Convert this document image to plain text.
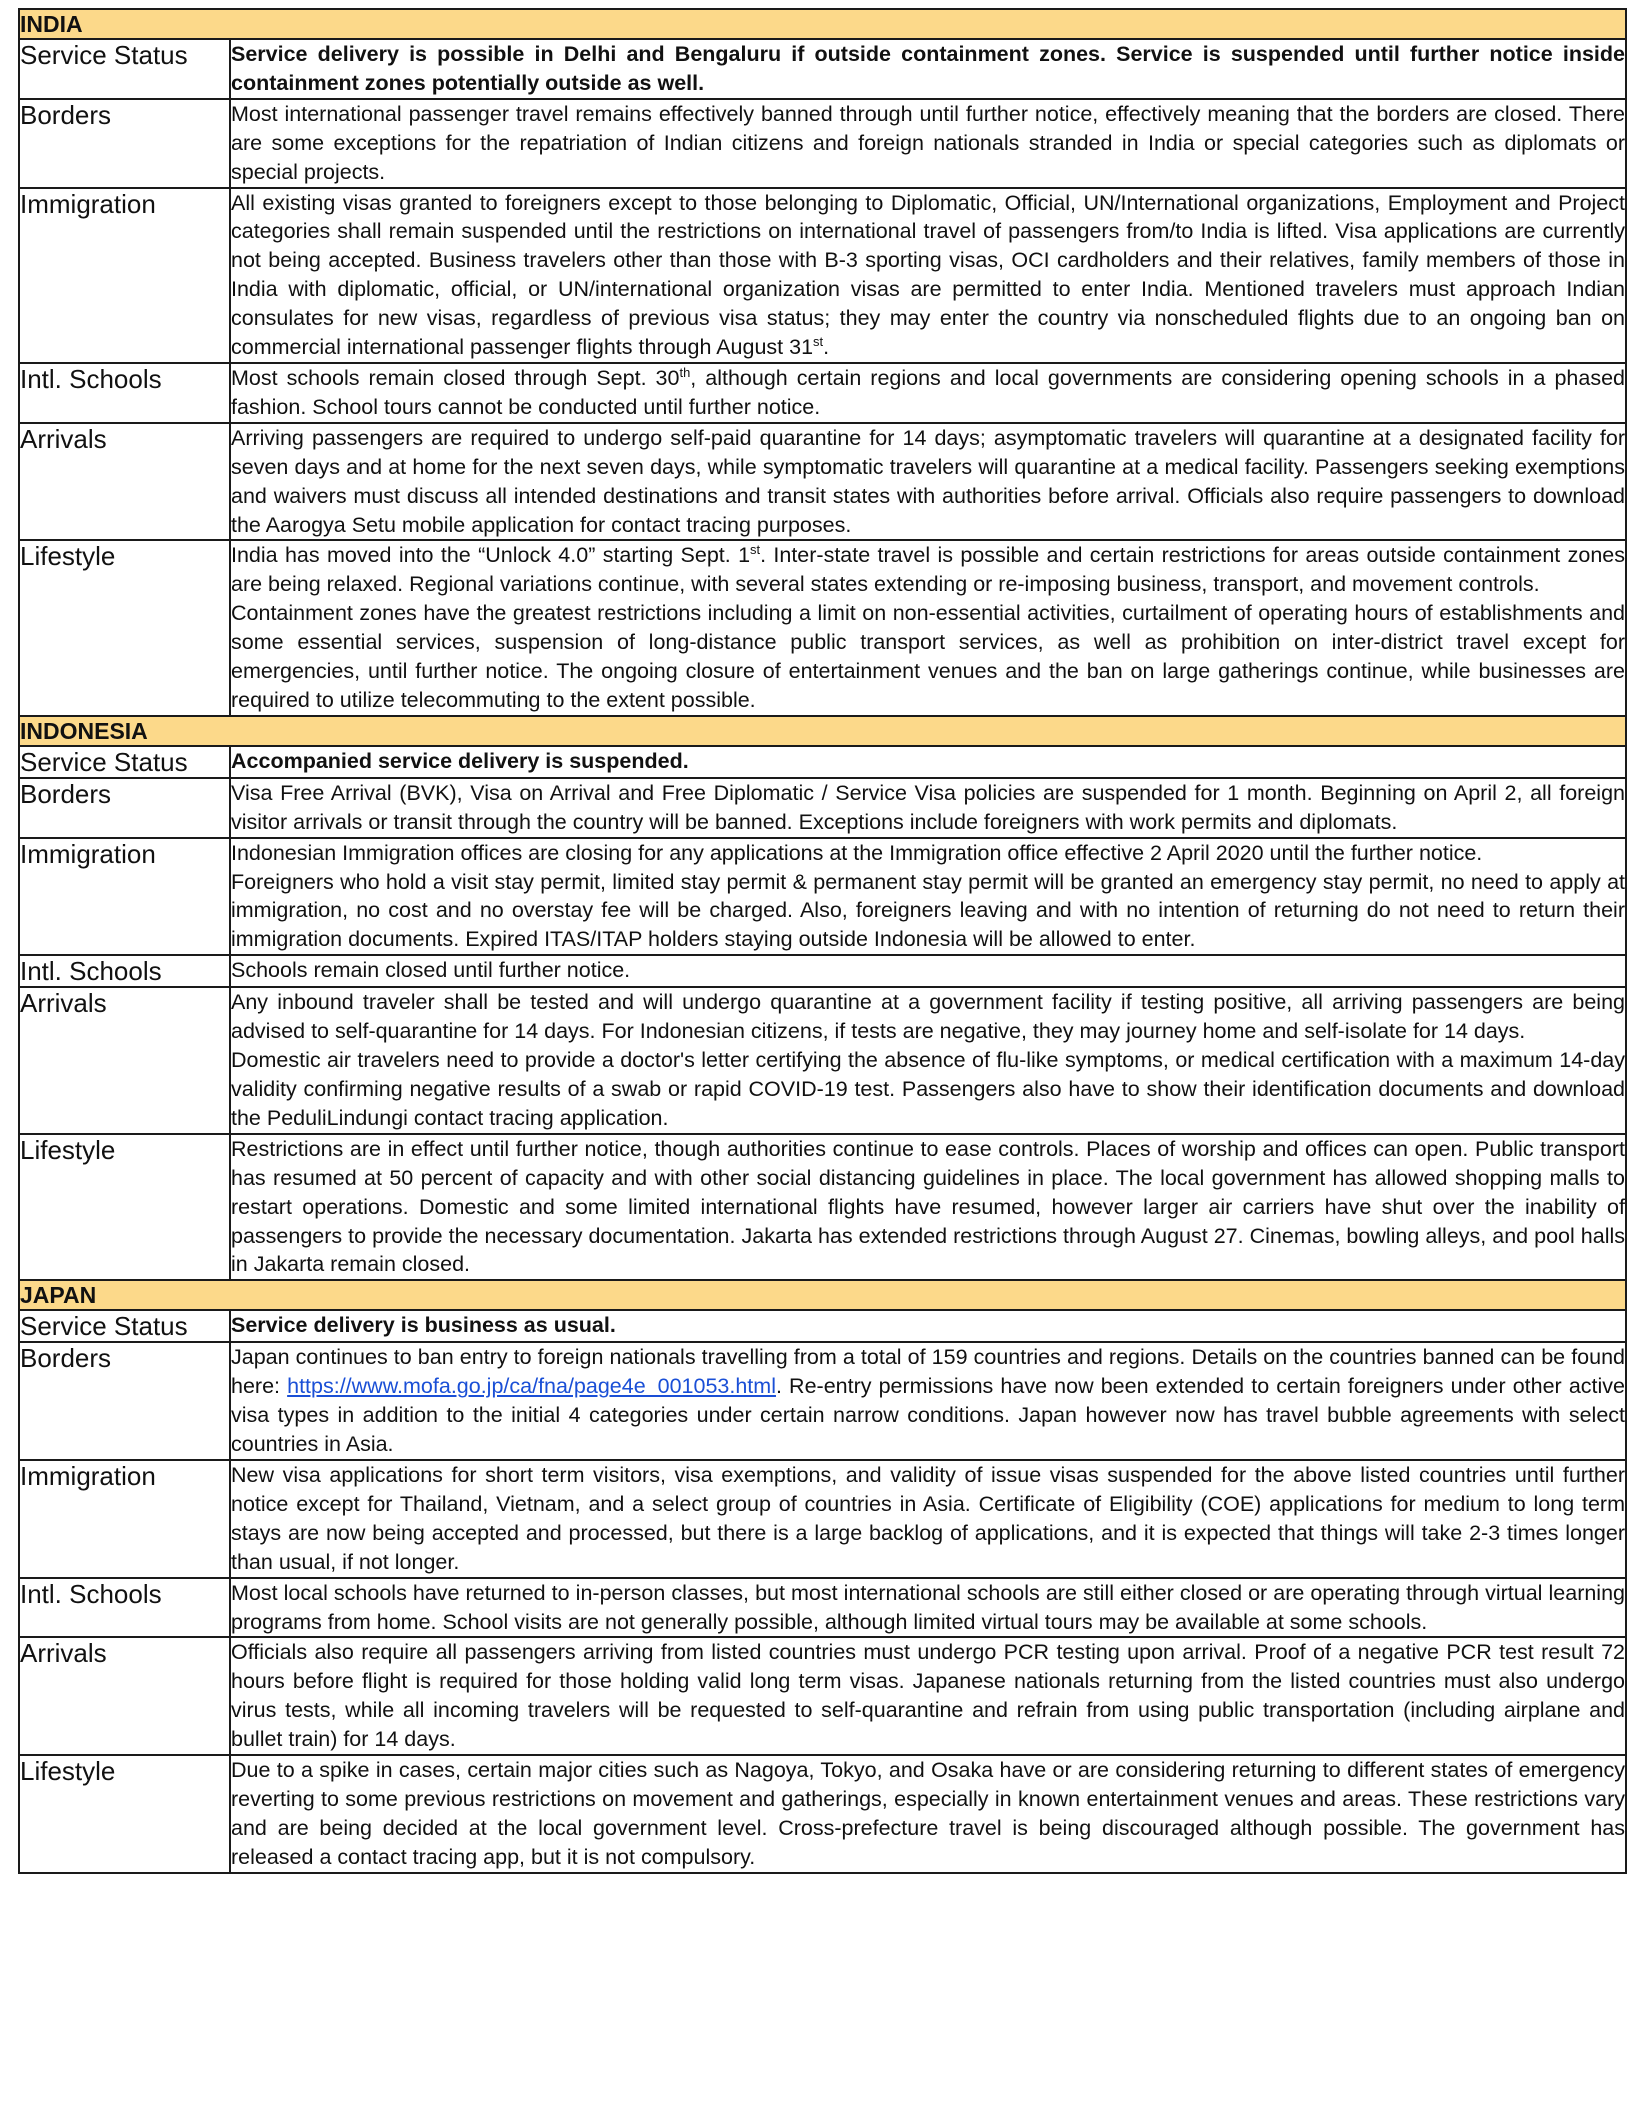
INDIA	
Service Status	Service delivery is possible in Delhi and Bengaluru if outside containment zones. Service is suspended until further notice inside containment zones potentially outside as well.

Borders	Most international passenger travel remains effectively banned through until further notice, effectively meaning that the borders are closed. There are some exceptions for the repatriation of Indian citizens and foreign nationals stranded in India or special categories such as diplomats or special projects.

Immigration	All existing visas granted to foreigners except to those belonging to Diplomatic, Official, UN/International organizations, Employment and Project categories shall remain suspended until the restrictions on international travel of passengers from/to India is lifted. Visa applications are currently not being accepted. Business travelers other than those with B-3 sporting visas, OCI cardholders and their relatives, family members of those in India with diplomatic, official, or UN/international organization visas are permitted to enter India. Mentioned travelers must approach Indian consulates for new visas, regardless of previous visa status; they may enter the country via nonscheduled flights due to an ongoing ban on commercial international passenger flights through August 31st.

Intl. Schools	Most schools remain closed through Sept. 30th, although certain regions and local governments are considering opening schools in a phased fashion. School tours cannot be conducted until further notice.

Arrivals	Arriving passengers are required to undergo self-paid quarantine for 14 days; asymptomatic travelers will quarantine at a designated facility for seven days and at home for the next seven days, while symptomatic travelers will quarantine at a medical facility. Passengers seeking exemptions and waivers must discuss all intended destinations and transit states with authorities before arrival. Officials also require passengers to download the Aarogya Setu mobile application for contact tracing purposes.

Lifestyle	India has moved into the “Unlock 4.0” starting Sept. 1st. Inter-state travel is possible and certain restrictions for areas outside containment zones are being relaxed. Regional variations continue, with several states extending or re-imposing business, transport, and movement controls.

Containment zones have the greatest restrictions including a limit on non-essential activities, curtailment of operating hours of establishments and some essential services, suspension of long-distance public transport services, as well as prohibition on inter-district travel except for emergencies, until further notice. The ongoing closure of entertainment venues and the ban on large gatherings continue, while businesses are required to utilize telecommuting to the extent possible.

INDONESIA	
Service Status	Accompanied service delivery is suspended.

Borders	Visa Free Arrival (BVK), Visa on Arrival and Free Diplomatic / Service Visa policies are suspended for 1 month. Beginning on April 2, all foreign visitor arrivals or transit through the country will be banned. Exceptions include foreigners with work permits and diplomats.

Immigration	Indonesian Immigration offices are closing for any applications at the Immigration office effective 2 April 2020 until the further notice.

Foreigners who hold a visit stay permit, limited stay permit & permanent stay permit will be granted an emergency stay permit, no need to apply at immigration, no cost and no overstay fee will be charged. Also, foreigners leaving and with no intention of returning do not need to return their immigration documents. Expired ITAS/ITAP holders staying outside Indonesia will be allowed to enter.

Intl. Schools	Schools remain closed until further notice.

Arrivals	Any inbound traveler shall be tested and will undergo quarantine at a government facility if testing positive, all arriving passengers are being advised to self-quarantine for 14 days. For Indonesian citizens, if tests are negative, they may journey home and self-isolate for 14 days.

Domestic air travelers need to provide a doctor's letter certifying the absence of flu-like symptoms, or medical certification with a maximum 14-day validity confirming negative results of a swab or rapid COVID-19 test. Passengers also have to show their identification documents and download the PeduliLindungi contact tracing application.

Lifestyle	Restrictions are in effect until further notice, though authorities continue to ease controls. Places of worship and offices can open. Public transport has resumed at 50 percent of capacity and with other social distancing guidelines in place. The local government has allowed shopping malls to restart operations. Domestic and some limited international flights have resumed, however larger air carriers have shut over the inability of passengers to provide the necessary documentation. Jakarta has extended restrictions through August 27. Cinemas, bowling alleys, and pool halls in Jakarta remain closed.

JAPAN	
Service Status	Service delivery is business as usual.

Borders	Japan continues to ban entry to foreign nationals travelling from a total of 159 countries and regions. Details on the countries banned can be found here: https://www.mofa.go.jp/ca/fna/page4e_001053.html. Re-entry permissions have now been extended to certain foreigners under other active visa types in addition to the initial 4 categories under certain narrow conditions. Japan however now has travel bubble agreements with select countries in Asia.

Immigration	New visa applications for short term visitors, visa exemptions, and validity of issue visas suspended for the above listed countries until further notice except for Thailand, Vietnam, and a select group of countries in Asia. Certificate of Eligibility (COE) applications for medium to long term stays are now being accepted and processed, but there is a large backlog of applications, and it is expected that things will take 2-3 times longer than usual, if not longer.

Intl. Schools	Most local schools have returned to in-person classes, but most international schools are still either closed or are operating through virtual learning programs from home. School visits are not generally possible, although limited virtual tours may be available at some schools.

Arrivals	Officials also require all passengers arriving from listed countries must undergo PCR testing upon arrival. Proof of a negative PCR test result 72 hours before flight is required for those holding valid long term visas. Japanese nationals returning from the listed countries must also undergo virus tests, while all incoming travelers will be requested to self-quarantine and refrain from using public transportation (including airplane and bullet train) for 14 days.

Lifestyle	Due to a spike in cases, certain major cities such as Nagoya, Tokyo, and Osaka have or are considering returning to different states of emergency reverting to some previous restrictions on movement and gatherings, especially in known entertainment venues and areas. These restrictions vary and are being decided at the local government level. Cross-prefecture travel is being discouraged although possible. The government has released a contact tracing app, but it is not compulsory.
